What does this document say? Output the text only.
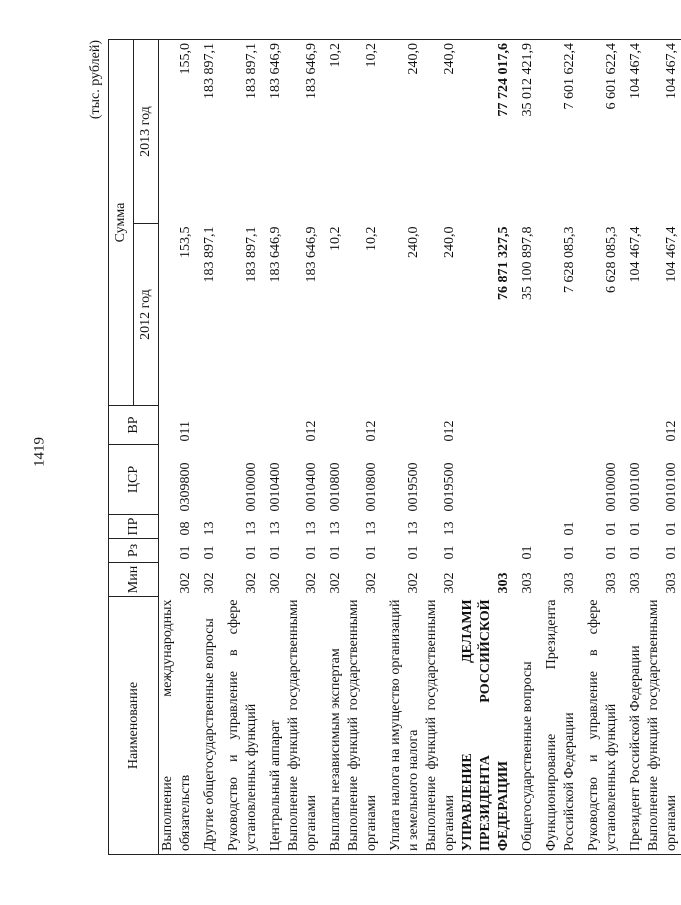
1419
(тыс. рублей)
Наименование	Мин	Рз	ПР	ЦСР	ВР	Сумма	
						2012 год	2013 год
Выполнение международных обязательств	302	01	08	0309800	011	153,5	155,0
Другие общегосударственные вопросы	302	01	13			183 897,1	183 897,1
Руководство и управление в сфере установленных функций	302	01	13	0010000		183 897,1	183 897,1
Центральный аппарат	302	01	13	0010400		183 646,9	183 646,9
Выполнение функций государственными органами	302	01	13	0010400	012	183 646,9	183 646,9
Выплаты независимым экспертам	302	01	13	0010800		10,2	10,2
Выполнение функций государственными органами	302	01	13	0010800	012	10,2	10,2
Уплата налога на имущество организаций и земельного налога	302	01	13	0019500		240,0	240,0
Выполнение функций государственными органами	302	01	13	0019500	012	240,0	240,0
УПРАВЛЕНИЕ ДЕЛАМИ ПРЕЗИДЕНТА РОССИЙСКОЙ ФЕДЕРАЦИИ	303					76 871 327,5	77 724 017,6
Общегосударственные вопросы	303	01				35 100 897,8	35 012 421,9
Функционирование Президента Российской Федерации	303	01	01			7 628 085,3	7 601 622,4
Руководство и управление в сфере установленных функций	303	01	01	0010000		6 628 085,3	6 601 622,4
Президент Российской Федерации	303	01	01	0010100		104 467,4	104 467,4
Выполнение функций государственными органами	303	01	01	0010100	012	104 467,4	104 467,4
